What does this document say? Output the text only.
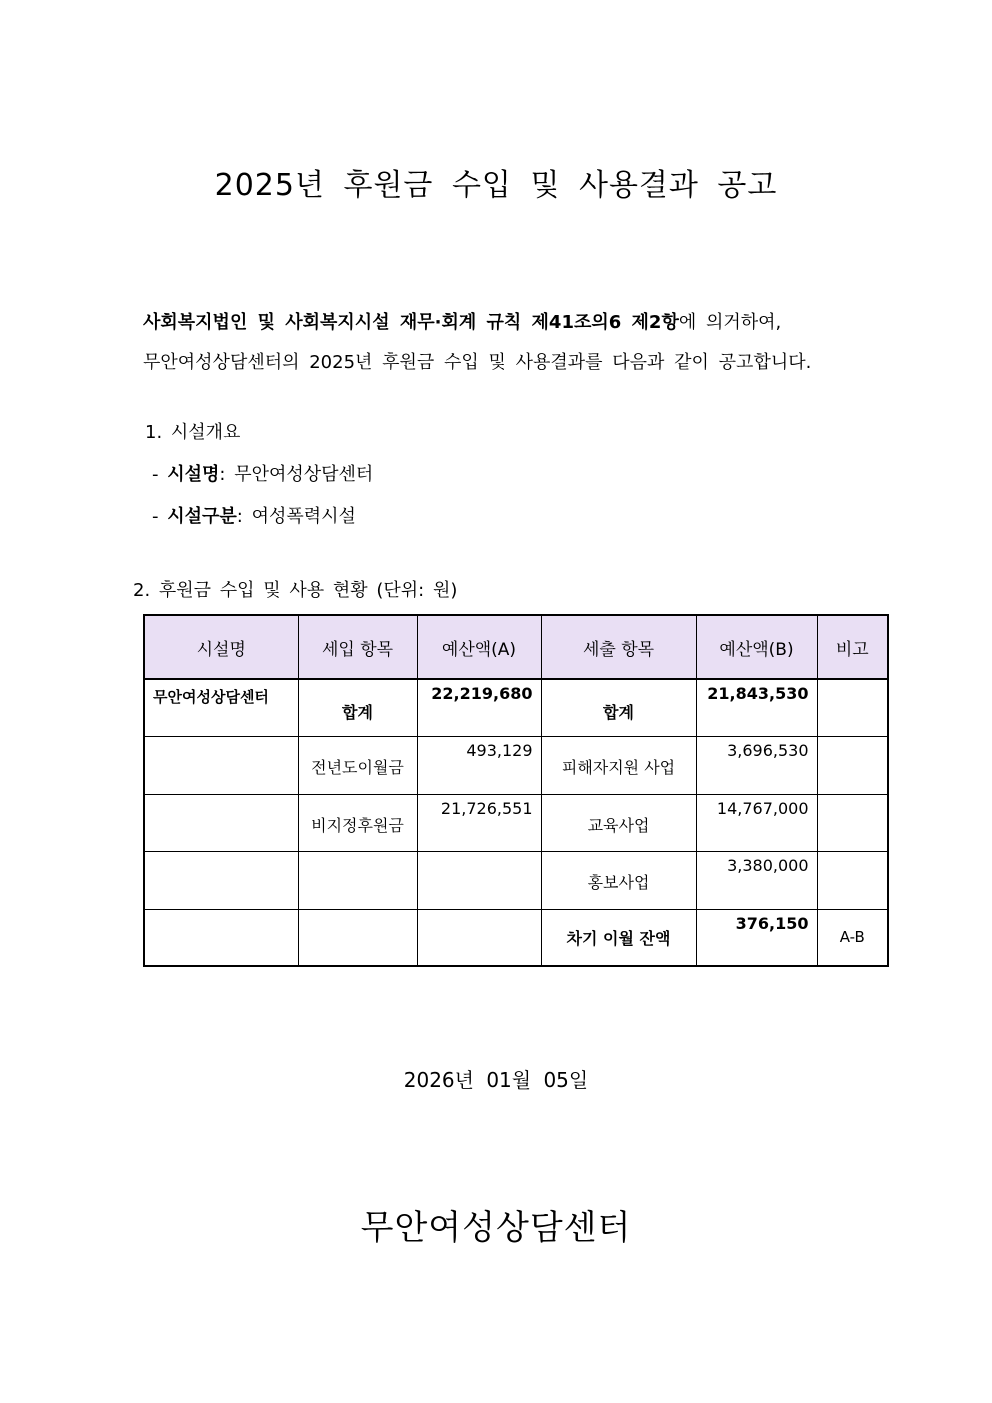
2025년 후원금 수입 및 사용결과 공고
사회복지법인 및 사회복지시설 재무·회계 규칙 제41조의6 제2항에 의거하여,
무안여성상담센터의 2025년 후원금 수입 및 사용결과를 다음과 같이 공고합니다.
1. 시설개요
- 시설명: 무안여성상담센터
- 시설구분: 여성폭력시설
2. 후원금 수입 및 사용 현황 (단위: 원)
시설명	세입 항목	예산액(A)	세출 항목	예산액(B)	비고

무안여성상담센터	합계	22,219,680	합계	21,843,530	

	전년도이월금	493,129	피해자지원 사업	3,696,530	

	비지정후원금	21,726,551	교육사업	14,767,000	

			홍보사업	3,380,000	

			차기 이월 잔액	376,150	A-B
2026년 01월 05일
무안여성상담센터
